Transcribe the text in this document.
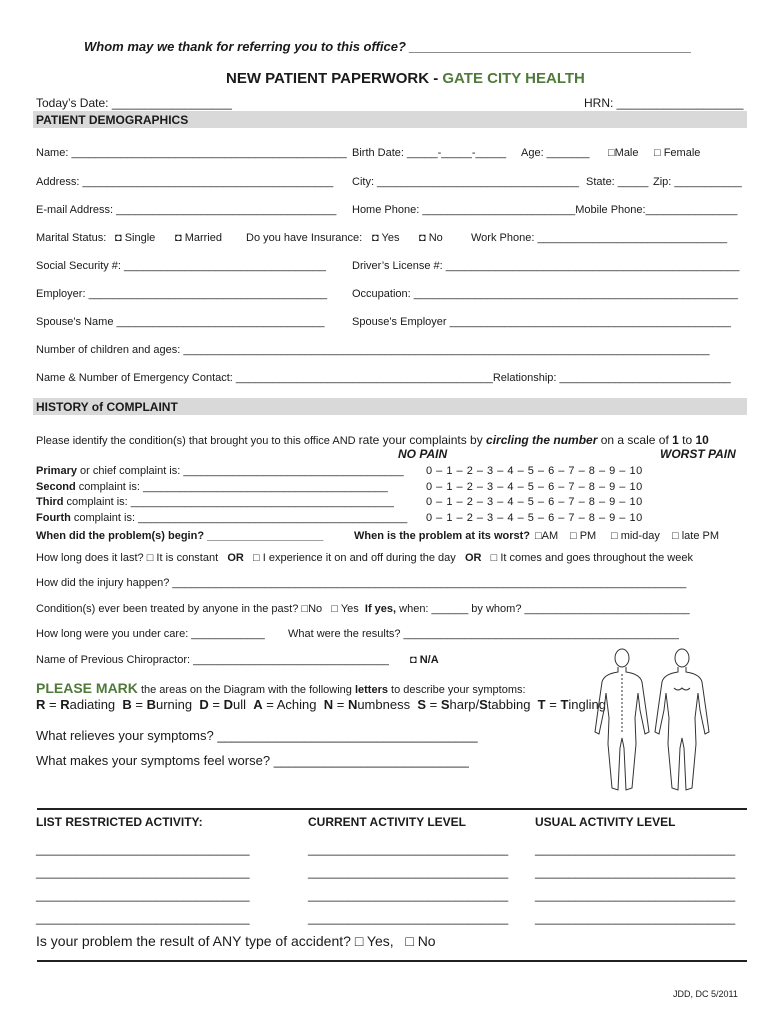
Whom may we thank for referring you to this office? _______________________________________
NEW PATIENT PAPERWORK - GATE CITY HEALTH
Today’s Date: __________________	HRN: ___________________
PATIENT DEMOGRAPHICS
Name: _____________________________________________ Birth Date: _____-_____-_____ Age: _______ □Male □ Female
Address: _________________________________________ City: _________________________________ State: _____ Zip: ___________
E-mail Address: ____________________________________ Home Phone: _________________________Mobile Phone:_______________
Marital Status: ◘ Single ◘ Married Do you have Insurance: ◘ Yes ◘ No	Work Phone: _______________________________
Social Security #: _________________________________ Driver’s License #: ________________________________________________
Employer: _______________________________________ Occupation: _____________________________________________________
Spouse’s Name __________________________________ Spouse’s Employer ______________________________________________
Number of children and ages: ______________________________________________________________________________________
Name & Number of Emergency Contact: __________________________________________Relationship: ____________________________
HISTORY of COMPLAINT
Please identify the condition(s) that brought you to this office AND rate your complaints by circling the number on a scale of 1 to 10
NO PAIN	WORST PAIN
Primary or chief complaint is: ____________________________________ 0 – 1 – 2 – 3 – 4 – 5 – 6 – 7 – 8 – 9 – 10
Second complaint is: ________________________________________	0 – 1 – 2 – 3 – 4 – 5 – 6 – 7 – 8 – 9 – 10
Third complaint is: ___________________________________________	0 – 1 – 2 – 3 – 4 – 5 – 6 – 7 – 8 – 9 – 10
Fourth complaint is: ____________________________________________ 0 – 1 – 2 – 3 – 4 – 5 – 6 – 7 – 8 – 9 – 10
When did the problem(s) begin? ___________________	When is the problem at its worst? □AM □ PM □ mid-day □ late PM
How long does it last? □ It is constant OR □ I experience it on and off during the day OR □ It comes and goes throughout the week
How did the injury happen? ____________________________________________________________________________________
Condition(s) ever been treated by anyone in the past? □No □ Yes If yes, when: ______ by whom? ___________________________
How long were you under care: ____________ What were the results? _____________________________________________
Name of Previous Chiropractor: ________________________________ ◘ N/A
PLEASE MARK the areas on the Diagram with the following letters to describe your symptoms:
R = Radiating B = Burning D = Dull A = Aching N = Numbness S = Sharp/Stabbing  T = Tingling
What relieves your symptoms? ____________________________________
What makes your symptoms feel worse? ___________________________
LIST RESTRICTED ACTIVITY:	CURRENT ACTIVITY LEVEL	USUAL ACTIVITY LEVEL
________________________________	______________________________ ______________________________
________________________________	______________________________ ______________________________
________________________________	______________________________ ______________________________
________________________________	______________________________ ______________________________
Is your problem the result of ANY type of accident? □ Yes, □ No
JDD, DC 5/2011
